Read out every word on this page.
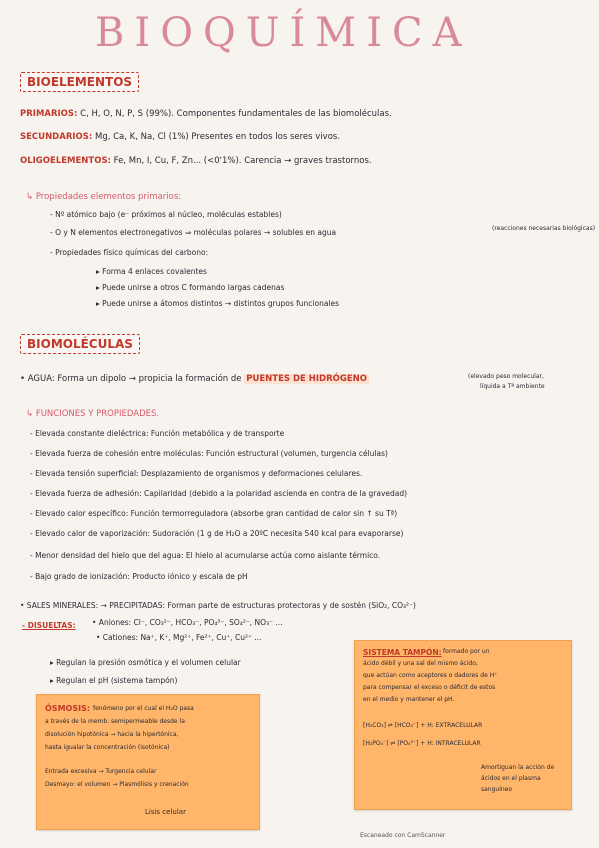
BIOQUÍMICA
BIOELEMENTOS
PRIMARIOS: C, H, O, N, P, S (99%). Componentes fundamentales de las biomoléculas.
SECUNDARIOS: Mg, Ca, K, Na, Cl (1%) Presentes en todos los seres vivos.
OLIGOELEMENTOS: Fe, Mn, I, Cu, F, Zn... (<0'1%). Carencia → graves trastornos.
↳ Propiedades elementos primarios:
- Nº atómico bajo (e⁻ próximos al núcleo, moléculas estables)
- O y N elementos electronegativos ⇒ moléculas polares → solubles en agua	(reacciones necesarias biológicas)
- Propiedades físico químicas del carbono:
▸ Forma 4 enlaces covalentes
▸ Puede unirse a otros C formando largas cadenas
▸ Puede unirse a átomos distintos → distintos grupos funcionales
BIOMOLÉCULAS
• AGUA: Forma un dipolo → propicia la formación de PUENTES DE HIDRÓGENO	(elevado peso molecular,
líquida a Tª ambiente
↳ FUNCIONES Y PROPIEDADES.
- Elevada constante dieléctrica: Función metabólica y de transporte
- Elevada fuerza de cohesión entre moléculas: Función estructural (volumen, turgencia células)
- Elevada tensión superficial: Desplazamiento de organismos y deformaciones celulares.
- Elevada fuerza de adhesión: Capilaridad (debido a la polaridad ascienda en contra de la gravedad)
- Elevado calor específico: Función termorreguladora (absorbe gran cantidad de calor sin ↑ su Tª)
- Elevado calor de vaporización: Sudoración (1 g de H₂O a 20ºC necesita 540 kcal para evaporarse)
- Menor densidad del hielo que del agua: El hielo al acumularse actúa como aislante térmico.
- Bajo grado de ionización: Producto iónico y escala de pH
• SALES MINERALES: → PRECIPITADAS: Forman parte de estructuras protectoras y de sostén (SiO₂, CO₃²⁻)
- DISUELTAS: • Aniones: Cl⁻, CO₃²⁻, HCO₃⁻, PO₄³⁻, SO₄²⁻, NO₃⁻ ...
• Cationes: Na⁺, K⁺, Mg²⁺, Fe²⁺, Cu⁺, Cu²⁺ ...
▸ Regulan la presión osmótica y el volumen celular
▸ Regulan el pH (sistema tampón)
ÓSMOSIS: fenómeno por el cual el H₂O pasa
a través de la memb. semipermeable desde la
disolución hipotónica → hacia la hipertónica,
hasta igualar la concentración (isotónica)
Entrada excesiva → Turgencia celular
Desmayo: el volumen → Plasmólisis y crenación
Lisis celular
SISTEMA TAMPÓN: formado por un
ácido débil y una sal del mismo ácido,
que actúan como aceptores o dadores de H⁺
para compensar el exceso o déficit de estos
en el medio y mantener el pH.
[H₂CO₃] ⇌ [HCO₃⁻] + H: EXTRACELULAR
[H₂PO₄⁻] ⇌ [PO₄³⁻] + H: INTRACELULAR
Amortiguan la acción de
ácidos en el plasma
sanguíneo
Escaneado con CamScanner
